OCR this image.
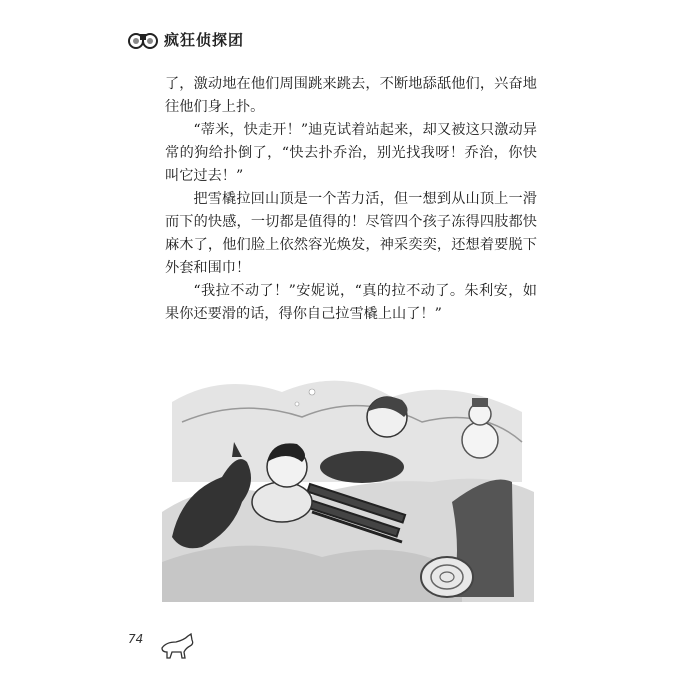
疯狂侦探团

了，激动地在他们周围跳来跳去，不断地舔舐他们，兴奋地往他们身上扑。

“蒂米，快走开！”迪克试着站起来，却又被这只激动异常的狗给扑倒了，“快去扑乔治，别光找我呀！乔治，你快叫它过去！”

把雪橇拉回山顶是一个苦力活，但一想到从山顶上一滑而下的快感，一切都是值得的！尽管四个孩子冻得四肢都快麻木了，他们脸上依然容光焕发，神采奕奕，还想着要脱下外套和围巾！

“我拉不动了！”安妮说，“真的拉不动了。朱利安，如果你还要滑的话，得你自己拉雪橇上山了！”

74
